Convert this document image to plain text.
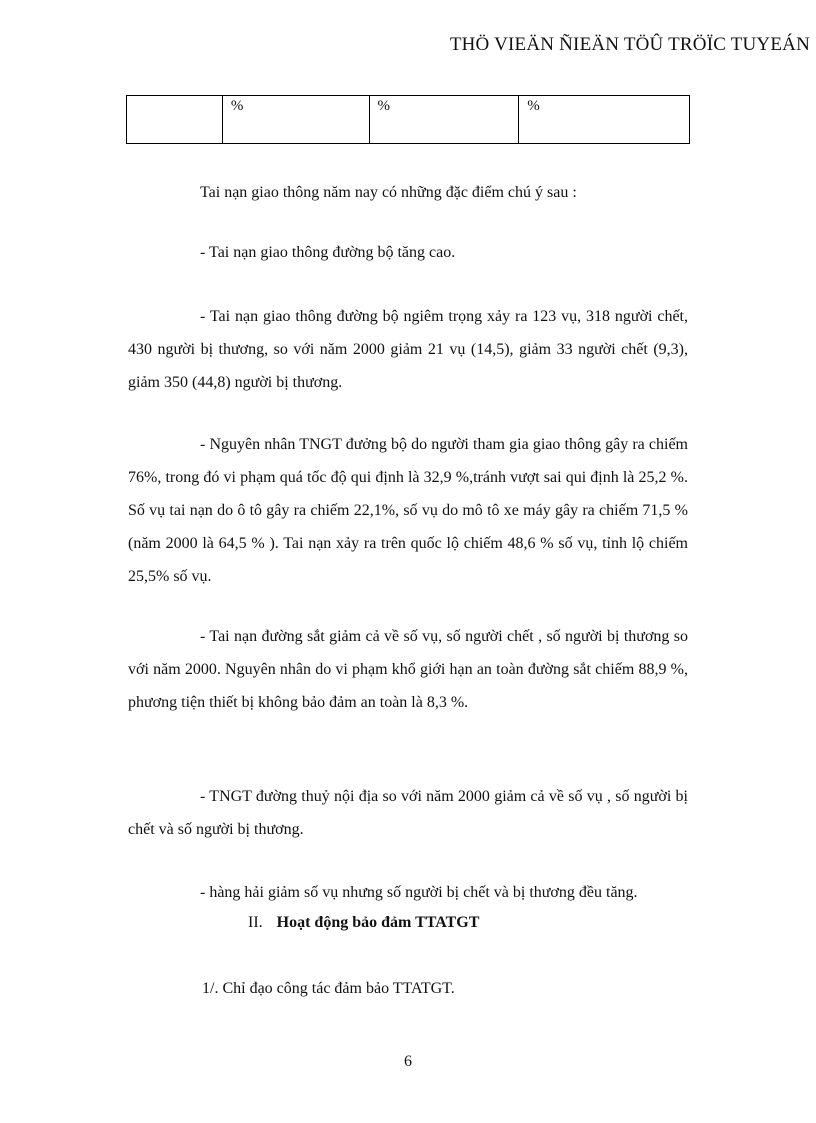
THÖ VIEÄN ÑIEÄN TÖÛ TRÖÏC TUYEÁN
	%	%	%

Tai nạn giao thông năm nay có những đặc điểm chú ý sau :

- Tai nạn giao thông đường bộ tăng cao.

- Tai nạn giao thông đường bộ ngiêm trọng xảy ra 123 vụ, 318 người chết, 430 người bị thương, so với năm 2000 giảm 21 vụ (14,5), giảm 33 người chết (9,3), giảm 350 (44,8) người bị thương.

- Nguyên nhân TNGT đưởng bộ do người tham gia giao thông gây ra chiếm 76%, trong đó vi phạm quá tốc độ qui định là 32,9 %,tránh vượt sai qui định là 25,2 %. Số vụ tai nạn do ô tô gây ra chiếm 22,1%, số vụ do mô tô xe máy gây ra chiếm 71,5 %(năm 2000 là 64,5 % ). Tai nạn xảy ra trên quốc lộ chiếm 48,6 % số vụ, tỉnh lộ chiếm 25,5% số vụ.

- Tai nạn đường sắt giảm cả về số vụ, số người chết , số người bị thương so với năm 2000. Nguyên nhân do vi phạm khổ giới hạn an toàn đường sắt chiếm 88,9 %, phương tiện thiết bị không bảo đảm an toàn là 8,3 %.

- TNGT đường thuỷ nội địa so với năm 2000 giảm cả về số vụ , số người bị chết và số người bị thương.

- hàng hải giảm số vụ nhưng số người bị chết và bị thương đều tăng.

II. Hoạt động bảo đảm TTATGT
1/. Chỉ đạo công tác đảm bảo TTATGT.
6
